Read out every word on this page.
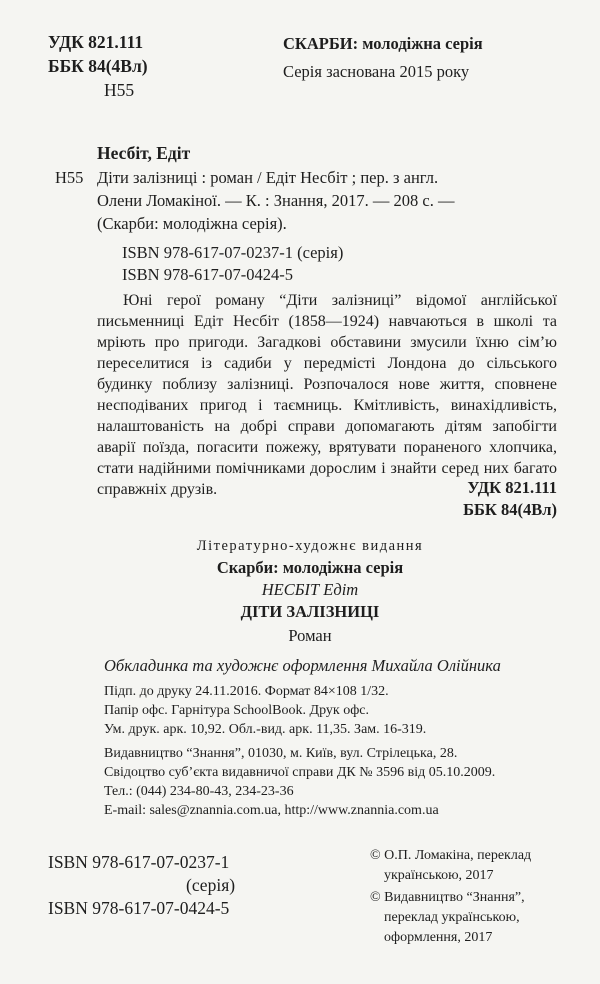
УДК 821.111
ББК 84(4Вл)
Н55
СКАРБИ: молодіжна серія
Серія заснована 2015 року
Несбіт, Едіт
Н55 Діти залізниці : роман / Едіт Несбіт ; пер. з англ.
Олени Ломакіної. — К. : Знання, 2017. — 208 с. —
(Скарби: молодіжна серія).
ISBN 978-617-07-0237-1 (серія)
ISBN 978-617-07-0424-5
Юні герої роману “Діти залізниці” відомої англійської письменниці Едіт Несбіт (1858—1924) навчаються в школі та мріють про пригоди. Загадкові обставини змусили їхню сім’ю переселитися із садиби у передмісті Лондона до сільського будинку поблизу залізниці. Розпочалося нове життя, сповнене несподіваних пригод і таємниць. Кмітливість, винахідливість, налаштованість на добрі справи допомагають дітям запобігти аварії поїзда, погасити пожежу, врятувати пораненого хлопчика, стати надійними помічниками дорослим і знайти серед них багато справжніх друзів.	УДК 821.111
ББК 84(4Вл)
Літературно-художнє видання
Скарби: молодіжна серія
НЕСБІТ Едіт
ДІТИ ЗАЛІЗНИЦІ
Роман
Обкладинка та художнє оформлення Михайла Олійника
Підп. до друку 24.11.2016. Формат 84×108 1/32.
Папір офс. Гарнітура SchoolBook. Друк офс.
Ум. друк. арк. 10,92. Обл.-вид. арк. 11,35. Зам. 16-319.
Видавництво “Знання”, 01030, м. Київ, вул. Стрілецька, 28.
Свідоцтво суб’єкта видавничої справи ДК № 3596 від 05.10.2009.
Тел.: (044) 234-80-43, 234-23-36
E-mail: sales@znannia.com.ua, http://www.znannia.com.ua
ISBN 978-617-07-0237-1
(серія)
ISBN 978-617-07-0424-5
© О.П. Ломакіна, переклад
українською, 2017
© Видавництво “Знання”,
переклад українською,
оформлення, 2017
